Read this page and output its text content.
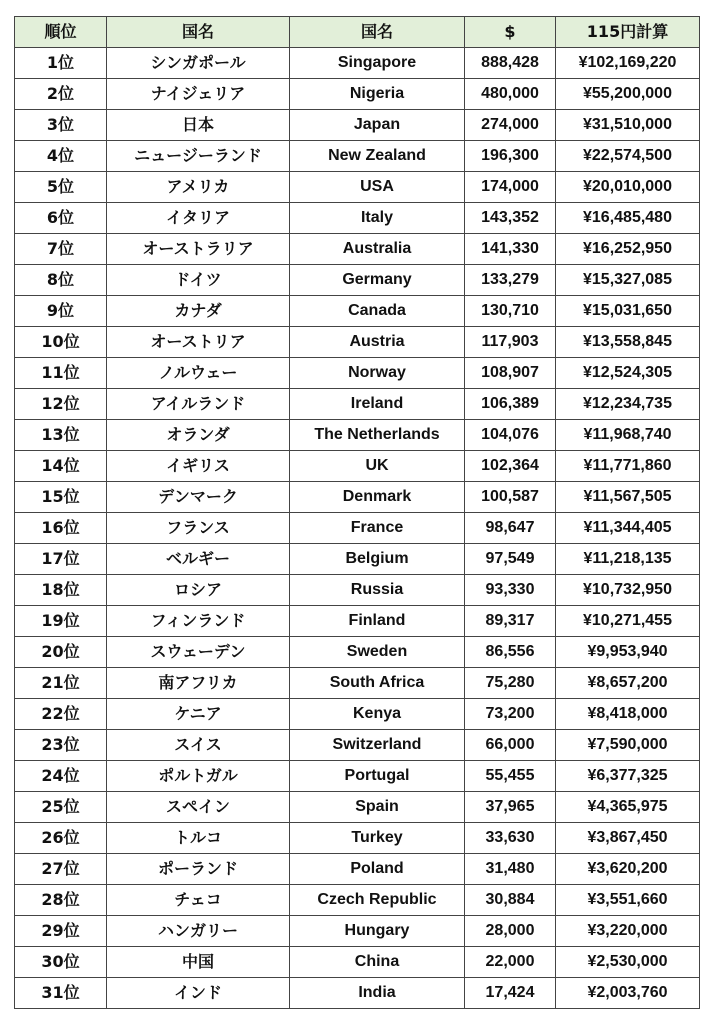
順位	国名	国名	$	115円計算
1位	シンガポール	Singapore	888,428	¥102,169,220
2位	ナイジェリア	Nigeria	480,000	¥55,200,000
3位	日本	Japan	274,000	¥31,510,000
4位	ニュージーランド	New Zealand	196,300	¥22,574,500
5位	アメリカ	USA	174,000	¥20,010,000
6位	イタリア	Italy	143,352	¥16,485,480
7位	オーストラリア	Australia	141,330	¥16,252,950
8位	ドイツ	Germany	133,279	¥15,327,085
9位	カナダ	Canada	130,710	¥15,031,650
10位	オーストリア	Austria	117,903	¥13,558,845
11位	ノルウェー	Norway	108,907	¥12,524,305
12位	アイルランド	Ireland	106,389	¥12,234,735
13位	オランダ	The Netherlands	104,076	¥11,968,740
14位	イギリス	UK	102,364	¥11,771,860
15位	デンマーク	Denmark	100,587	¥11,567,505
16位	フランス	France	98,647	¥11,344,405
17位	ベルギー	Belgium	97,549	¥11,218,135
18位	ロシア	Russia	93,330	¥10,732,950
19位	フィンランド	Finland	89,317	¥10,271,455
20位	スウェーデン	Sweden	86,556	¥9,953,940
21位	南アフリカ	South Africa	75,280	¥8,657,200
22位	ケニア	Kenya	73,200	¥8,418,000
23位	スイス	Switzerland	66,000	¥7,590,000
24位	ポルトガル	Portugal	55,455	¥6,377,325
25位	スペイン	Spain	37,965	¥4,365,975
26位	トルコ	Turkey	33,630	¥3,867,450
27位	ポーランド	Poland	31,480	¥3,620,200
28位	チェコ	Czech Republic	30,884	¥3,551,660
29位	ハンガリー	Hungary	28,000	¥3,220,000
30位	中国	China	22,000	¥2,530,000
31位	インド	India	17,424	¥2,003,760
